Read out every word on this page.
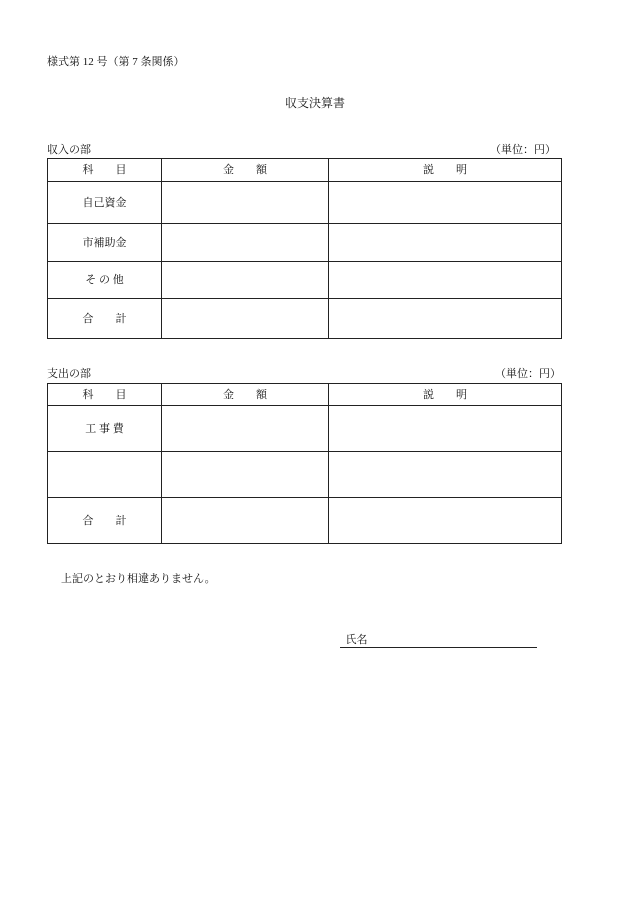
様式第 12 号（第 7 条関係）
収支決算書
収入の部	（単位：円）
科　　目	金　　額	説　　明
自己資金		
市補助金		
そ の 他		
合　　計		
支出の部	（単位：円）
科　　目	金　　額	説　　明
工 事 費		

合　　計		
上記のとおり相違ありません。

氏名
